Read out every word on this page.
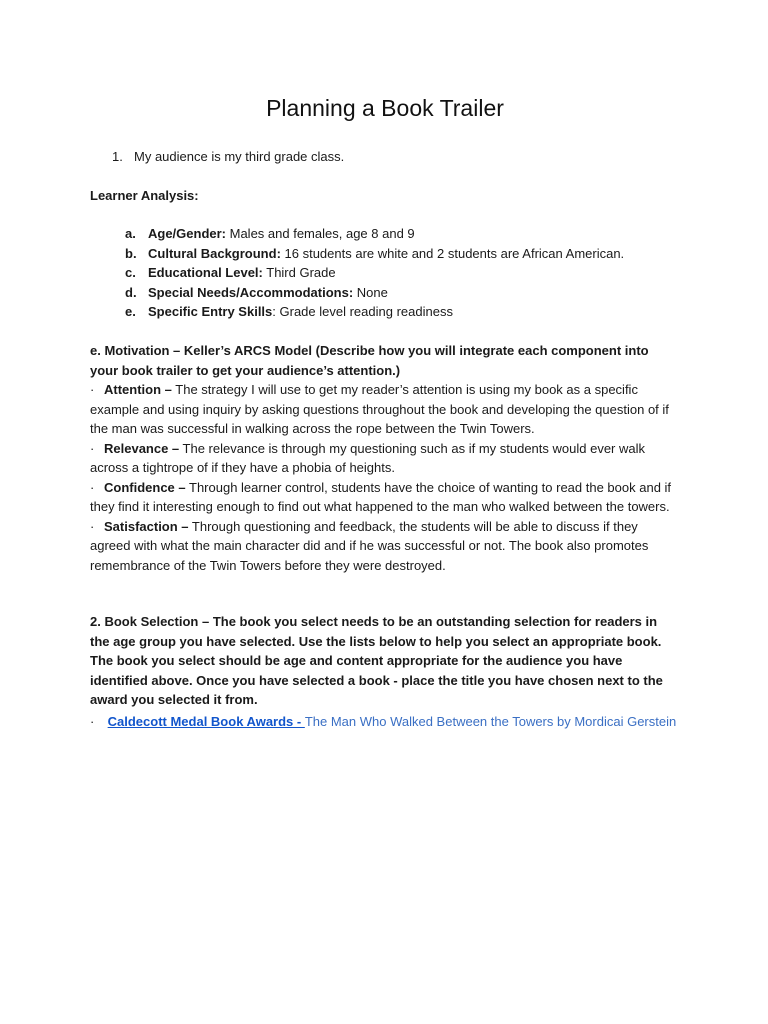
Planning a Book Trailer
1. My audience is my third grade class.
Learner Analysis:
a. Age/Gender: Males and females, age 8 and 9
b. Cultural Background: 16 students are white and 2 students are African American.
c. Educational Level: Third Grade
d. Special Needs/Accommodations: None
e. Specific Entry Skills: Grade level reading readiness

e. Motivation – Keller’s ARCS Model (Describe how you will integrate each component into your book trailer to get your audience’s attention.)

· Attention – The strategy I will use to get my reader’s attention is using my book as a specific example and using inquiry by asking questions throughout the book and developing the question of if the man was successful in walking across the rope between the Twin Towers.

· Relevance – The relevance is through my questioning such as if my students would ever walk across a tightrope of if they have a phobia of heights.

· Confidence – Through learner control, students have the choice of wanting to read the book and if they find it interesting enough to find out what happened to the man who walked between the towers.

· Satisfaction – Through questioning and feedback, the students will be able to discuss if they agreed with what the main character did and if he was successful or not. The book also promotes remembrance of the Twin Towers before they were destroyed.

2. Book Selection – The book you select needs to be an outstanding selection for readers in the age group you have selected. Use the lists below to help you select an appropriate book. The book you select should be age and content appropriate for the audience you have identified above. Once you have selected a book - place the title you have chosen next to the award you selected it from.

· Caldecott Medal Book Awards - The Man Who Walked Between the Towers by Mordicai Gerstein
